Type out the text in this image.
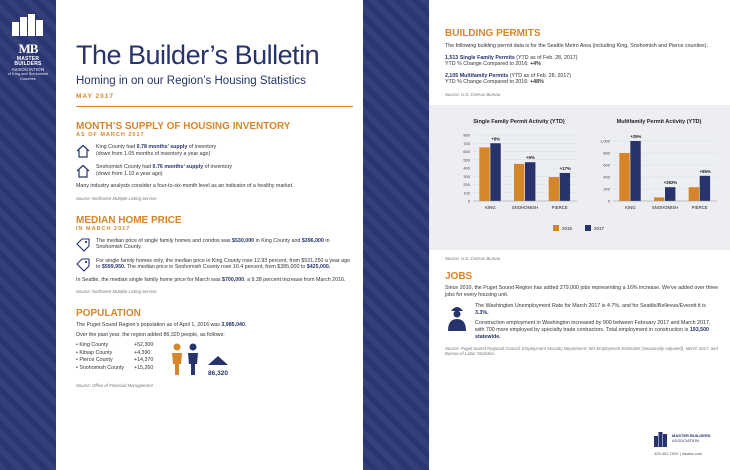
MB
MASTER BUILDERS
ASSOCIATION
of King and Snohomish Counties
The Builder’s Bulletin
Homing in on our Region’s Housing Statistics
MAY 2017
MONTH’S SUPPLY OF HOUSING INVENTORY
AS OF MARCH 2017
King County had 0.78 months’ supply of inventory
(down from 1.05 months of inventory a year ago)
Snohomish County had 0.76 months’ supply of inventory
(down from 1.10 a year ago)
Many industry analysts consider a four-to-six-month level as an indicator of a healthy market.
Source: Northwest Multiple Listing Service
MEDIAN HOME PRICE
IN MARCH 2017
The median price of single family homes and condos was $530,000 in King County and $396,000 in Snohomish County.
For single family homes only, the median price in King County rose 12.93 percent, from $531,250 a year ago to $599,950. The median price in Snohomish County rose 10.4 percent, from $385,000 to $425,000.
In Seattle, the median single family home price for March was $700,000, a 9.38 percent increase from March 2016.
Source: Northwest Multiple Listing Service
POPULATION
The Puget Sound Region’s population as of April 1, 2016 was 3,985,040.
Over the past year, the region added 86,320 people, as follows:
• King County	+52,300
• Kitsap County	+4,390
• Pierce County	+14,370
• Snohomish County	+15,260
86,320
Source: Office of Financial Management
BUILDING PERMITS
The following building permit data is for the Seattle Metro Area (including King, Snohomish and Pierce counties).
1,513 Single Family Permits (YTD as of Feb. 28, 2017)
YTD % Change Compared to 2016: +4%
2,105 Multifamily Permits (YTD as of Feb. 28, 2017)
YTD % Change Compared to 2016: +48%
Source: U.S. Census Bureau
Single Family Permit Activity (YTD)
0
100
200
300
400
500
600
700
800
+8%
KING
+5%
SNOHOMISH
+17%
PIERCE
Multifamily Permit Activity (YTD)
0
200
400
600
800
1,000
+25%
KING
+292%
SNOHOMISH
+85%
PIERCE
2016	2017
Source: U.S. Census Bureau
JOBS
Since 2010, the Puget Sound Region has added 279,000 jobs representing a 16% increase. We’ve added over three jobs for every housing unit.
The Washington Unemployment Rate for March 2017 is 4.7%, and for Seattle/Bellevue/Everett it is 3.3%.
Construction employment in Washington increased by 900 between February 2017 and March 2017, with 700 more employed by specialty trade contractors. Total employment in construction is 193,500 statewide.
Source: Puget Sound Regional Council, Employment Security Department: WA Employment Estimates (Seasonally Adjusted), March 2017, and Bureau of Labor Statistics.
MASTER BUILDERS
ASSOCIATION
425.451.7920 | mbaks.com
